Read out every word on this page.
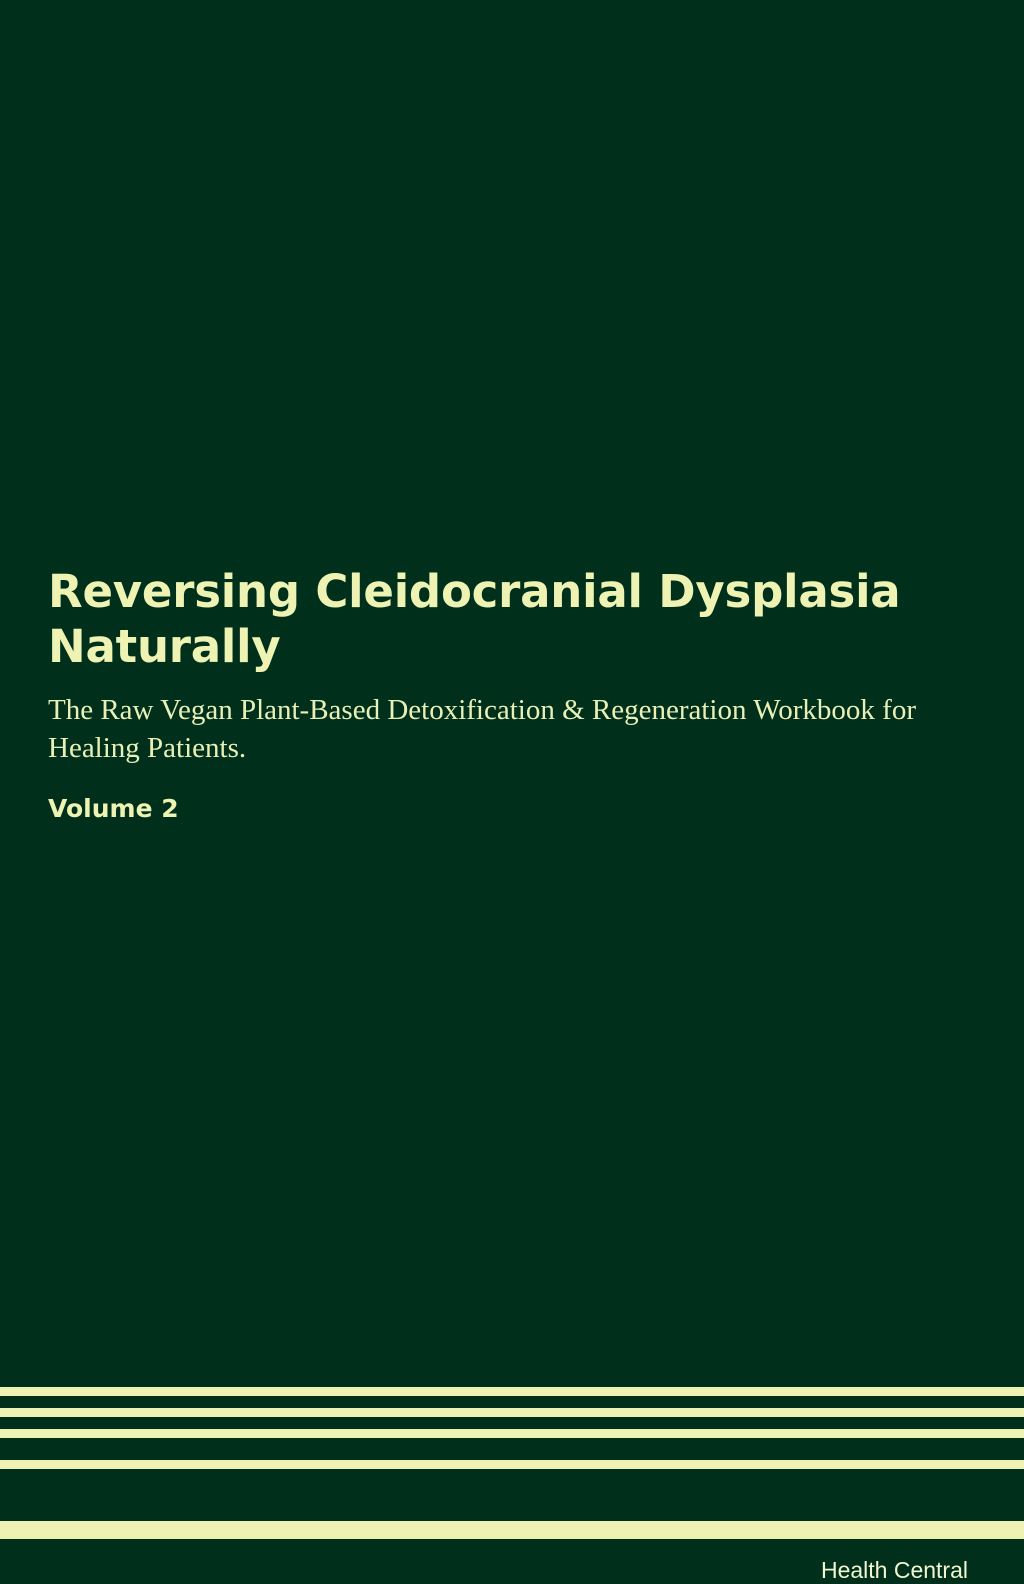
Reversing Cleidocranial Dysplasia Naturally

The Raw Vegan Plant-Based Detoxification & Regeneration Workbook for Healing Patients.

Volume 2

Health Central
